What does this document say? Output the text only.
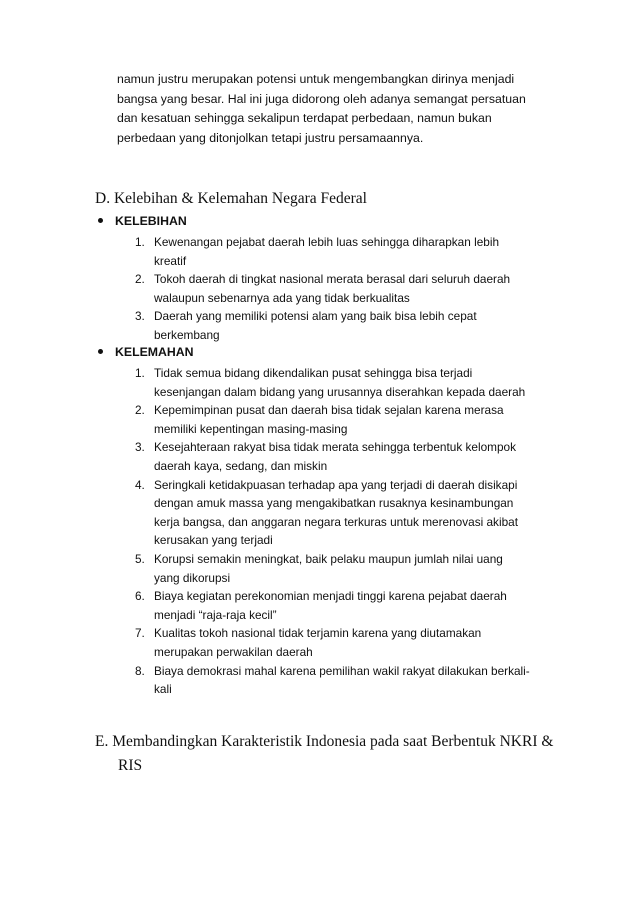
namun justru merupakan potensi untuk mengembangkan dirinya menjadi
bangsa yang besar. Hal ini juga didorong oleh adanya semangat persatuan
dan kesatuan sehingga sekalipun terdapat perbedaan, namun bukan
perbedaan yang ditonjolkan tetapi justru persamaannya.
D. Kelebihan & Kelemahan Negara Federal
KELEBIHAN
1. Kewenangan pejabat daerah lebih luas sehingga diharapkan lebih
kreatif
2. Tokoh daerah di tingkat nasional merata berasal dari seluruh daerah
walaupun sebenarnya ada yang tidak berkualitas
3. Daerah yang memiliki potensi alam yang baik bisa lebih cepat
berkembang
KELEMAHAN
1. Tidak semua bidang dikendalikan pusat sehingga bisa terjadi
kesenjangan dalam bidang yang urusannya diserahkan kepada daerah
2. Kepemimpinan pusat dan daerah bisa tidak sejalan karena merasa
memiliki kepentingan masing-masing
3. Kesejahteraan rakyat bisa tidak merata sehingga terbentuk kelompok
daerah kaya, sedang, dan miskin
4. Seringkali ketidakpuasan terhadap apa yang terjadi di daerah disikapi
dengan amuk massa yang mengakibatkan rusaknya kesinambungan
kerja bangsa, dan anggaran negara terkuras untuk merenovasi akibat
kerusakan yang terjadi
5. Korupsi semakin meningkat, baik pelaku maupun jumlah nilai uang
yang dikorupsi
6. Biaya kegiatan perekonomian menjadi tinggi karena pejabat daerah
menjadi “raja-raja kecil”
7. Kualitas tokoh nasional tidak terjamin karena yang diutamakan
merupakan perwakilan daerah
8. Biaya demokrasi mahal karena pemilihan wakil rakyat dilakukan berkali-
kali
E. Membandingkan Karakteristik Indonesia pada saat Berbentuk NKRI &
RIS
